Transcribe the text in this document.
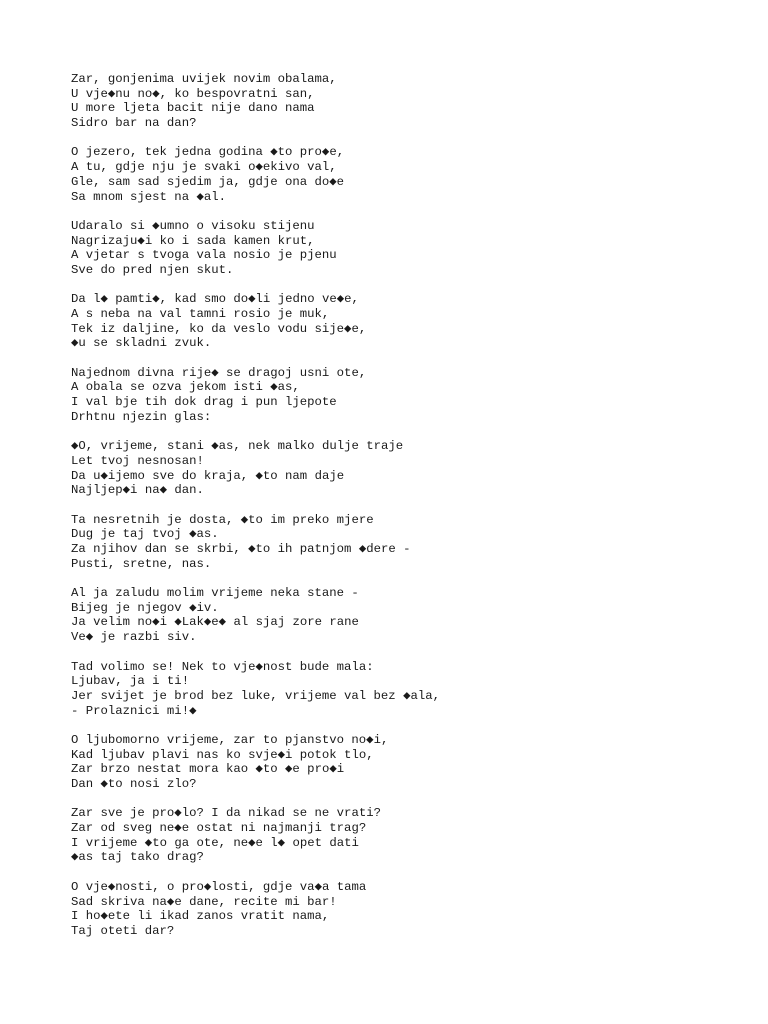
Zar, gonjenima uvijek novim obalama,
U vje◆nu no◆, ko bespovratni san,
U more ljeta bacit nije dano nama
Sidro bar na dan?
O jezero, tek jedna godina ◆to pro◆e,
A tu, gdje nju je svaki o◆ekivo val,
Gle, sam sad sjedim ja, gdje ona do◆e
Sa mnom sjest na ◆al.
Udaralo si ◆umno o visoku stijenu
Nagrizaju◆i ko i sada kamen krut,
A vjetar s tvoga vala nosio je pjenu
Sve do pred njen skut.
Da l◆ pamti◆, kad smo do◆li jedno ve◆e,
A s neba na val tamni rosio je muk,
Tek iz daljine, ko da veslo vodu sije◆e,
◆u se skladni zvuk.
Najednom divna rije◆ se dragoj usni ote,
A obala se ozva jekom isti ◆as,
I val bje tih dok drag i pun ljepote
Drhtnu njezin glas:
◆O, vrijeme, stani ◆as, nek malko dulje traje
Let tvoj nesnosan!
Da u◆ijemo sve do kraja, ◆to nam daje
Najljep◆i na◆ dan.
Ta nesretnih je dosta, ◆to im preko mjere
Dug je taj tvoj ◆as.
Za njihov dan se skrbi, ◆to ih patnjom ◆dere -
Pusti, sretne, nas.
Al ja zaludu molim vrijeme neka stane -
Bijeg je njegov ◆iv.
Ja velim no◆i ◆Lak◆e◆ al sjaj zore rane
Ve◆ je razbi siv.
Tad volimo se! Nek to vje◆nost bude mala:
Ljubav, ja i ti!
Jer svijet je brod bez luke, vrijeme val bez ◆ala,
- Prolaznici mi!◆
O ljubomorno vrijeme, zar to pjanstvo no◆i,
Kad ljubav plavi nas ko svje◆i potok tlo,
Zar brzo nestat mora kao ◆to ◆e pro◆i
Dan ◆to nosi zlo?
Zar sve je pro◆lo? I da nikad se ne vrati?
Zar od sveg ne◆e ostat ni najmanji trag?
I vrijeme ◆to ga ote, ne◆e l◆ opet dati
◆as taj tako drag?
O vje◆nosti, o pro◆losti, gdje va◆a tama
Sad skriva na◆e dane, recite mi bar!
I ho◆ete li ikad zanos vratit nama,
Taj oteti dar?
